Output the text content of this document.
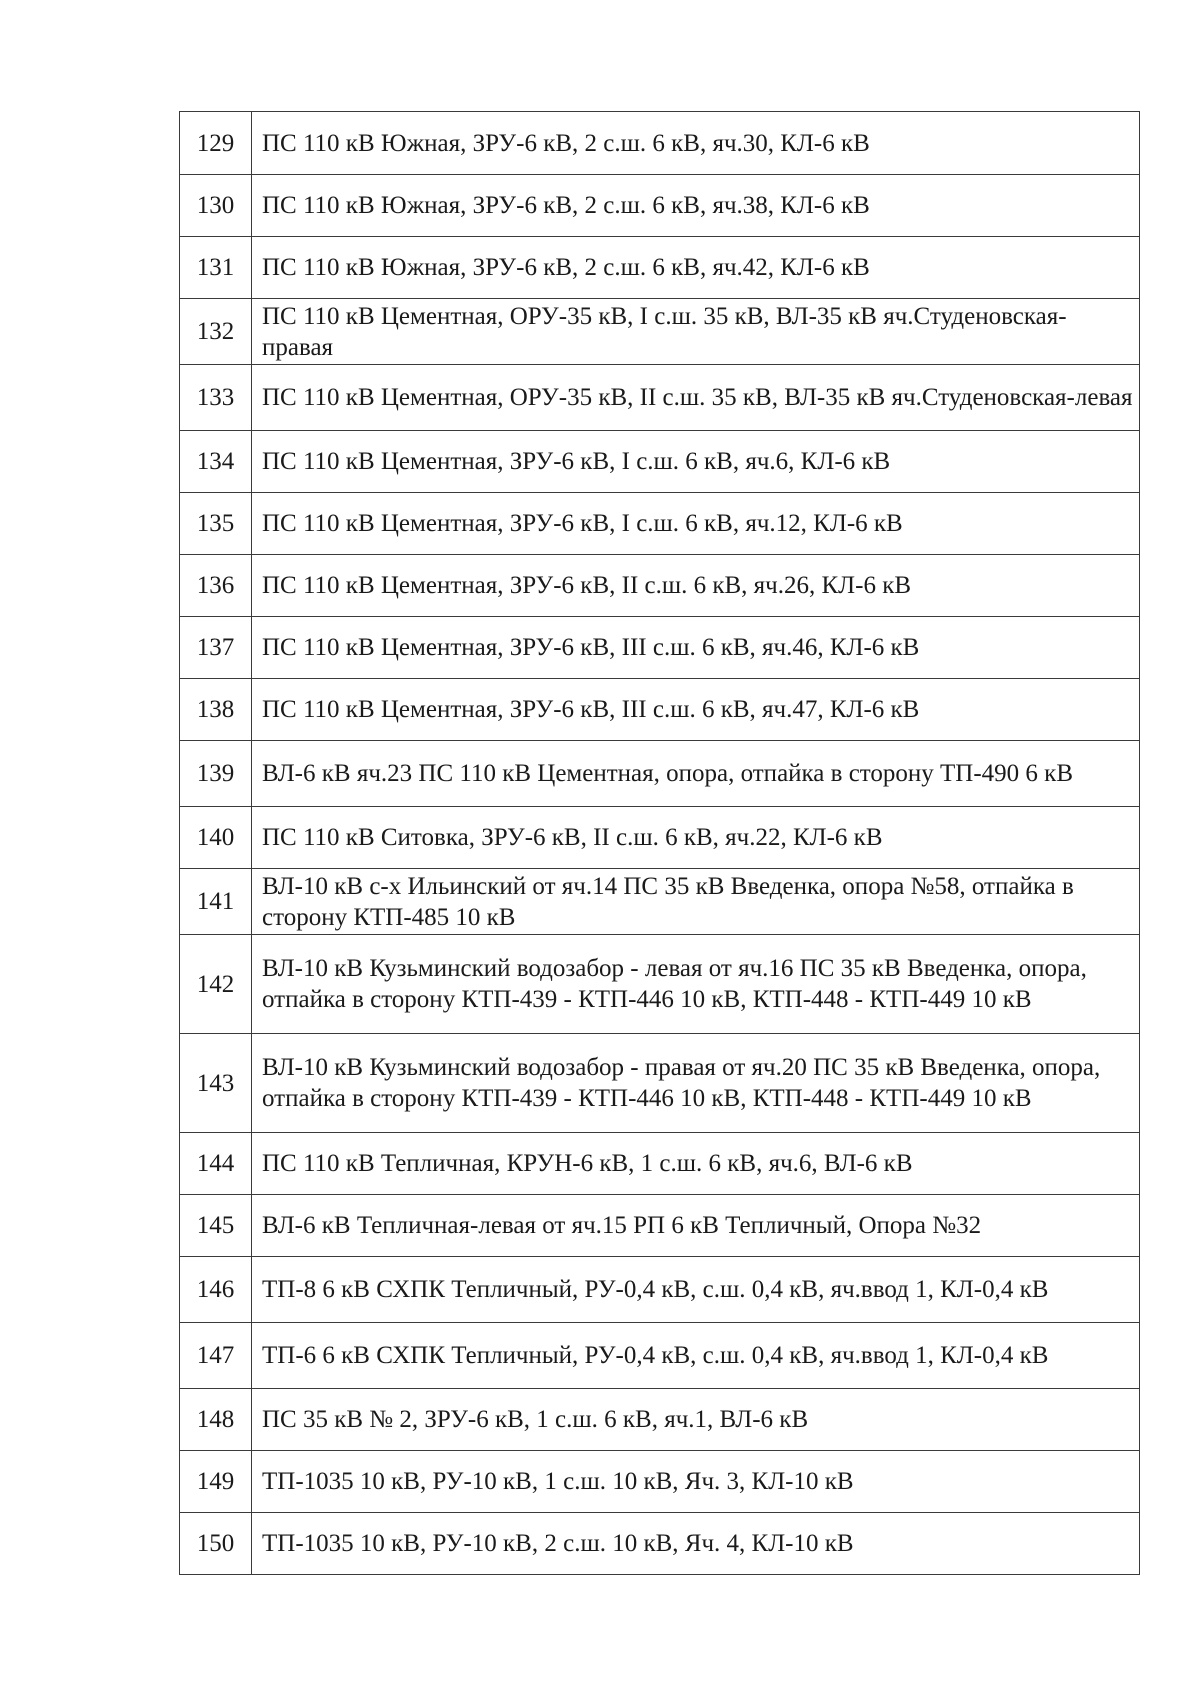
129	ПС 110 кВ Южная, ЗРУ-6 кВ, 2 с.ш. 6 кВ, яч.30, КЛ-6 кВ
130	ПС 110 кВ Южная, ЗРУ-6 кВ, 2 с.ш. 6 кВ, яч.38, КЛ-6 кВ
131	ПС 110 кВ Южная, ЗРУ-6 кВ, 2 с.ш. 6 кВ, яч.42, КЛ-6 кВ
132	ПС 110 кВ Цементная, ОРУ-35 кВ, I с.ш. 35 кВ, ВЛ-35 кВ яч.Студеновская-правая
133	ПС 110 кВ Цементная, ОРУ-35 кВ, II с.ш. 35 кВ, ВЛ-35 кВ яч.Студеновская-левая
134	ПС 110 кВ Цементная, ЗРУ-6 кВ, I с.ш. 6 кВ, яч.6, КЛ-6 кВ
135	ПС 110 кВ Цементная, ЗРУ-6 кВ, I с.ш. 6 кВ, яч.12, КЛ-6 кВ
136	ПС 110 кВ Цементная, ЗРУ-6 кВ, II с.ш. 6 кВ, яч.26, КЛ-6 кВ
137	ПС 110 кВ Цементная, ЗРУ-6 кВ, III с.ш. 6 кВ, яч.46, КЛ-6 кВ
138	ПС 110 кВ Цементная, ЗРУ-6 кВ, III с.ш. 6 кВ, яч.47, КЛ-6 кВ
139	ВЛ-6 кВ яч.23 ПС 110 кВ Цементная, опора, отпайка в сторону ТП-490 6 кВ
140	ПС 110 кВ Ситовка, ЗРУ-6 кВ, II с.ш. 6 кВ, яч.22, КЛ-6 кВ
141	ВЛ-10 кВ с-х Ильинский от яч.14 ПС 35 кВ Введенка, опора №58, отпайка в сторону КТП-485 10 кВ
142	ВЛ-10 кВ Кузьминский водозабор - левая от яч.16 ПС 35 кВ Введенка, опора, отпайка в сторону КТП-439 - КТП-446 10 кВ, КТП-448 - КТП-449 10 кВ
143	ВЛ-10 кВ Кузьминский водозабор - правая от яч.20 ПС 35 кВ Введенка, опора, отпайка в сторону КТП-439 - КТП-446 10 кВ, КТП-448 - КТП-449 10 кВ
144	ПС 110 кВ Тепличная, КРУН-6 кВ, 1 с.ш. 6 кВ, яч.6, ВЛ-6 кВ
145	ВЛ-6 кВ Тепличная-левая от яч.15 РП 6 кВ Тепличный, Опора №32
146	ТП-8 6 кВ СХПК Тепличный, РУ-0,4 кВ, с.ш. 0,4 кВ, яч.ввод 1, КЛ-0,4 кВ
147	ТП-6 6 кВ СХПК Тепличный, РУ-0,4 кВ, с.ш. 0,4 кВ, яч.ввод 1, КЛ-0,4 кВ
148	ПС 35 кВ № 2, ЗРУ-6 кВ, 1 с.ш. 6 кВ, яч.1, ВЛ-6 кВ
149	ТП-1035 10 кВ, РУ-10 кВ, 1 с.ш. 10 кВ, Яч. 3, КЛ-10 кВ
150	ТП-1035 10 кВ, РУ-10 кВ, 2 с.ш. 10 кВ, Яч. 4, КЛ-10 кВ
